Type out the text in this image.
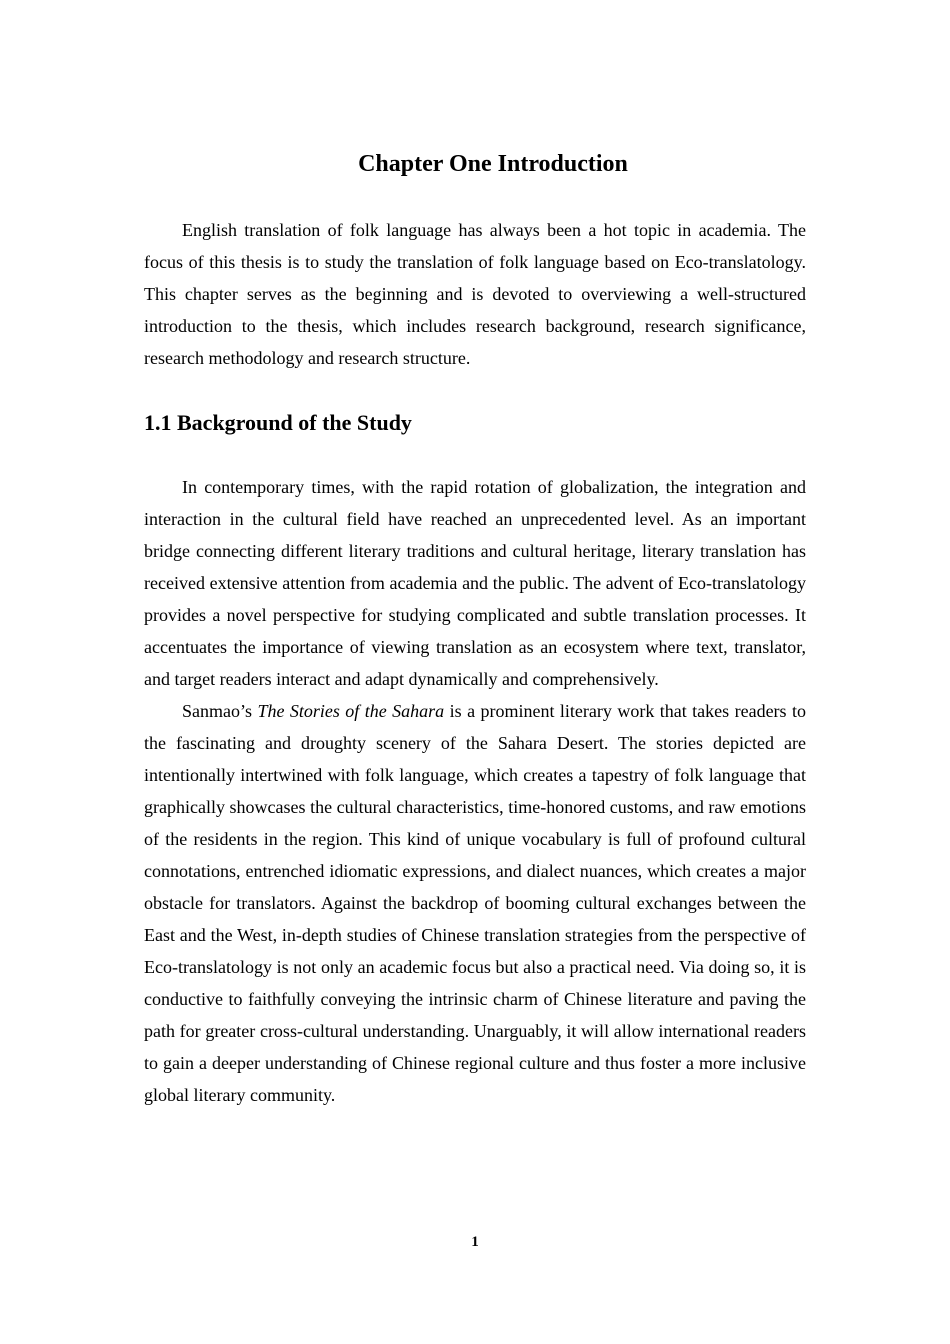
Chapter One Introduction

English translation of folk language has always been a hot topic in academia. The focus of this thesis is to study the translation of folk language based on Eco-translatology. This chapter serves as the beginning and is devoted to overviewing a well-structured introduction to the thesis, which includes research background, research significance, research methodology and research structure.

1.1 Background of the Study

In contemporary times, with the rapid rotation of globalization, the integration and interaction in the cultural field have reached an unprecedented level. As an important bridge connecting different literary traditions and cultural heritage, literary translation has received extensive attention from academia and the public. The advent of Eco-translatology provides a novel perspective for studying complicated and subtle translation processes. It accentuates the importance of viewing translation as an ecosystem where text, translator, and target readers interact and adapt dynamically and comprehensively.

Sanmao’s The Stories of the Sahara is a prominent literary work that takes readers to the fascinating and droughty scenery of the Sahara Desert. The stories depicted are intentionally intertwined with folk language, which creates a tapestry of folk language that graphically showcases the cultural characteristics, time-honored customs, and raw emotions of the residents in the region. This kind of unique vocabulary is full of profound cultural connotations, entrenched idiomatic expressions, and dialect nuances, which creates a major obstacle for translators. Against the backdrop of booming cultural exchanges between the East and the West, in-depth studies of Chinese translation strategies from the perspective of Eco-translatology is not only an academic focus but also a practical need. Via doing so, it is conductive to faithfully conveying the intrinsic charm of Chinese literature and paving the path for greater cross-cultural understanding. Unarguably, it will allow international readers to gain a deeper understanding of Chinese regional culture and thus foster a more inclusive global literary community.

1
